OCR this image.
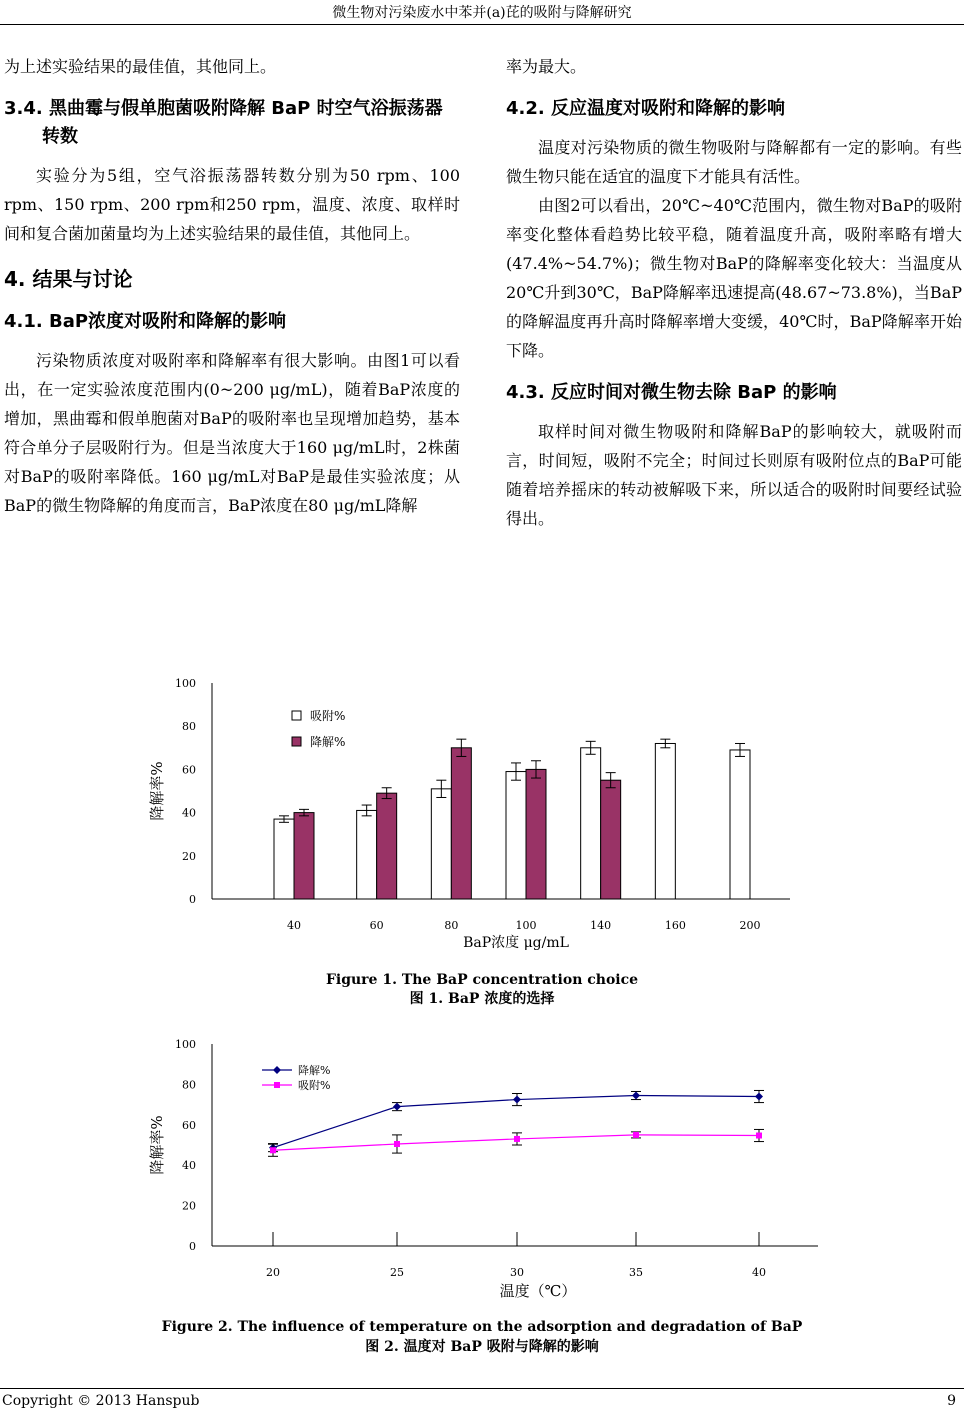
微生物对污染废水中苯并(a)芘的吸附与降解研究

为上述实验结果的最佳值，其他同上。

3.4. 黑曲霉与假单胞菌吸附降解 BaP 时空气浴振荡器转数

实验分为5组，空气浴振荡器转数分别为50 rpm、100 rpm、150 rpm、200 rpm和250 rpm，温度、浓度、取样时间和复合菌加菌量均为上述实验结果的最佳值，其他同上。

4. 结果与讨论
4.1. BaP浓度对吸附和降解的影响

污染物质浓度对吸附率和降解率有很大影响。由图1可以看出，在一定实验浓度范围内(0~200 μg/mL)，随着BaP浓度的增加，黑曲霉和假单胞菌对BaP的吸附率也呈现增加趋势，基本符合单分子层吸附行为。但是当浓度大于160 μg/mL时，2株菌对BaP的吸附率降低。160 μg/mL对BaP是最佳实验浓度；从BaP的微生物降解的角度而言，BaP浓度在80 μg/mL降解

率为最大。

4.2. 反应温度对吸附和降解的影响

温度对污染物质的微生物吸附与降解都有一定的影响。有些微生物只能在适宜的温度下才能具有活性。

由图2可以看出，20℃~40℃范围内，微生物对BaP的吸附率变化整体看趋势比较平稳，随着温度升高，吸附率略有增大(47.4%~54.7%)；微生物对BaP的降解率变化较大：当温度从20℃升到30℃，BaP降解率迅速提高(48.67~73.8%)，当BaP的降解温度再升高时降解率增大变缓，40℃时，BaP降解率开始下降。

4.3. 反应时间对微生物去除 BaP 的影响

取样时间对微生物吸附和降解BaP的影响较大，就吸附而言，时间短，吸附不完全；时间过长则原有吸附位点的BaP可能随着培养摇床的转动被解吸下来，所以适合的吸附时间要经试验得出。

0
20
40
60
80
100
降解率%
40	60	80	100	140	160	200
BaP浓度 μg/mL
吸附%
降解%
Figure 1. The BaP concentration choice
图 1. BaP 浓度的选择
0
20
40
60
80
100
20	25	30	35	40
降解率%
温度（℃）
降解%
吸附%
Figure 2. The influence of temperature on the adsorption and degradation of BaP
图 2. 温度对 BaP 吸附与降解的影响
Copyright © 2013 Hanspub	9
